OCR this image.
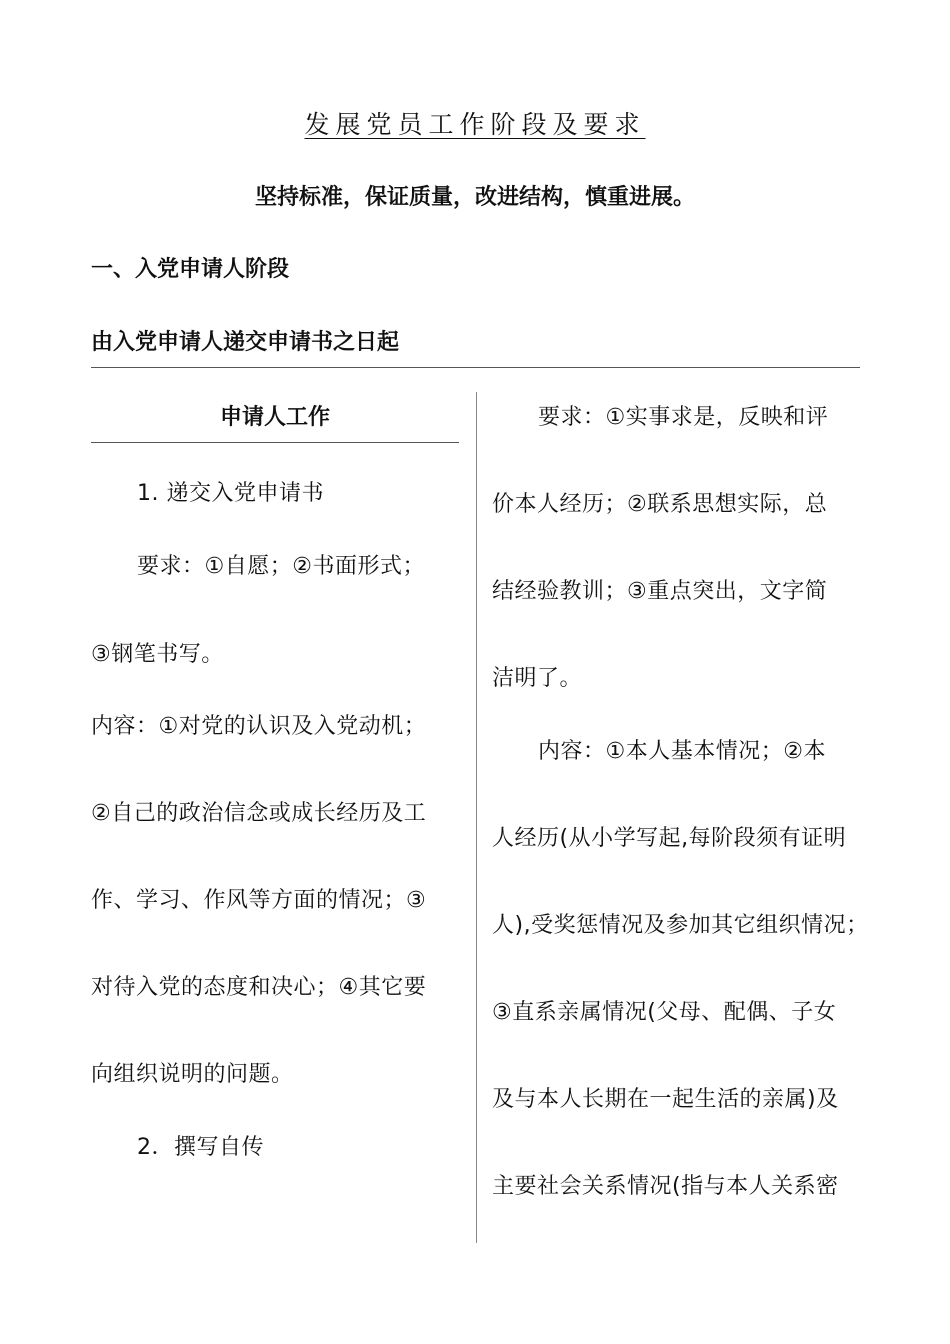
发展党员工作阶段及要求
坚持标准，保证质量，改进结构，慎重进展。
一、入党申请人阶段
由入党申请人递交申请书之日起
申请人工作
1. 递交入党申请书
要求：①自愿；②书面形式；
③钢笔书写。
内容：①对党的认识及入党动机；
②自己的政治信念或成长经历及工
作、学习、作风等方面的情况；③
对待入党的态度和决心；④其它要
向组织说明的问题。
2．撰写自传
要求：①实事求是，反映和评
价本人经历；②联系思想实际，总
结经验教训；③重点突出，文字简
洁明了。
内容：①本人基本情况；②本
人经历(从小学写起,每阶段须有证明
人),受奖惩情况及参加其它组织情况；
③直系亲属情况(父母、配偶、子女
及与本人长期在一起生活的亲属)及
主要社会关系情况(指与本人关系密
